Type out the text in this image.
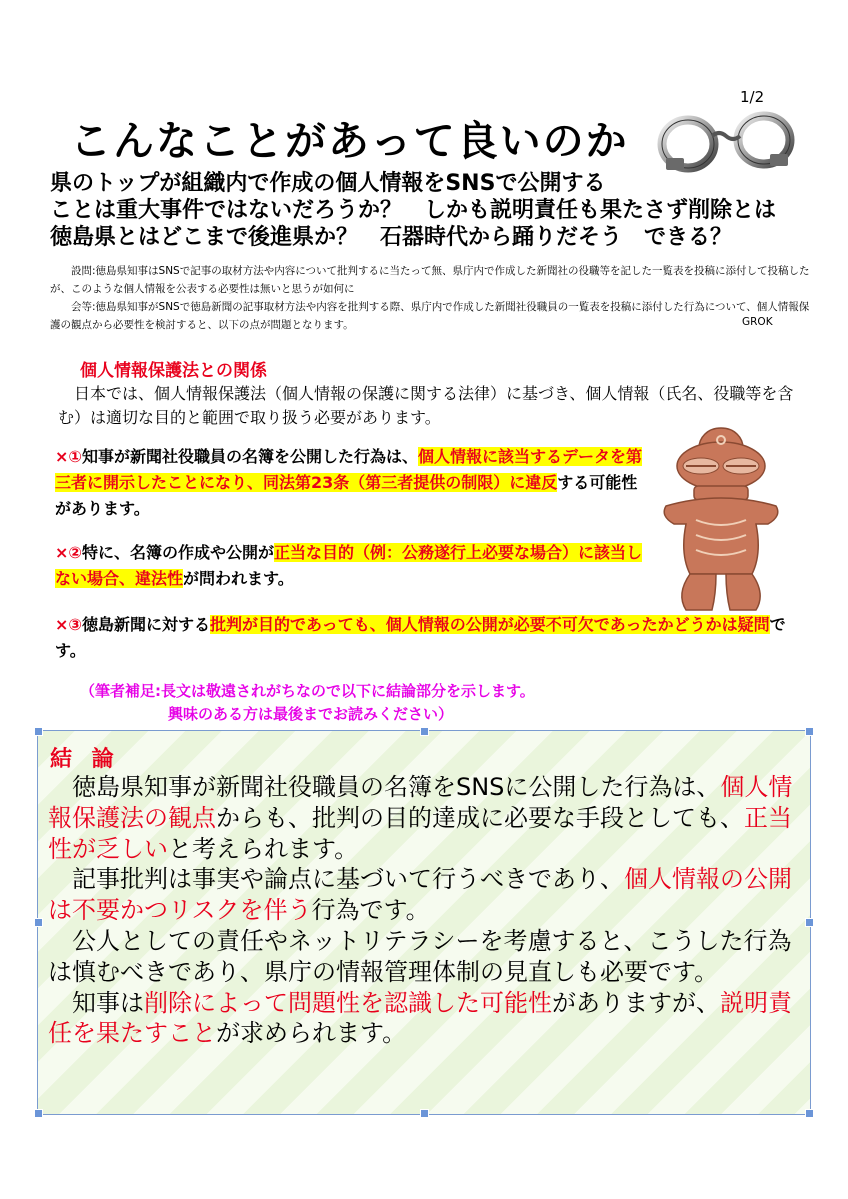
1/2
こんなことがあって良いのか
県のトップが組織内で作成の個人情報をSNSで公開する
ことは重大事件ではないだろうか？　しかも説明責任も果たさず削除とは
徳島県とはどこまで後進県か？　石器時代から踊りだそう　できる？
　　設問:徳島県知事はSNSで記事の取材方法や内容について批判するに当たって無、県庁内で作成した新聞社の役職等を記した一覧表を投稿に添付して投稿したが、このような個人情報を公表する必要性は無いと思うが如何に
　　会等:徳島県知事がSNSで徳島新聞の記事取材方法や内容を批判する際、県庁内で作成した新聞社役職員の一覧表を投稿に添付した行為について、個人情報保護の観点から必要性を検討すると、以下の点が問題となります。	GROK
個人情報保護法との関係
　日本では、個人情報保護法（個人情報の保護に関する法律）に基づき、個人情報（氏名、役職等を含む）は適切な目的と範囲で取り扱う必要があります。
×①知事が新聞社役職員の名簿を公開した行為は、個人情報に該当するデータを第三者に開示したことになり、同法第23条（第三者提供の制限）に違反する可能性があります。
×②特に、名簿の作成や公開が正当な目的（例：公務遂行上必要な場合）に該当しない場合、違法性が問われます。
×③徳島新聞に対する批判が目的であっても、個人情報の公開が必要不可欠であったかどうかは疑問です。
（筆者補足:長文は敬遠されがちなので以下に結論部分を示します。
興味のある方は最後までお読みください）
結 論
　徳島県知事が新聞社役職員の名簿をSNSに公開した行為は、個人情報保護法の観点からも、批判の目的達成に必要な手段としても、正当性が乏しいと考えられます。
　記事批判は事実や論点に基づいて行うべきであり、個人情報の公開は不要かつリスクを伴う行為です。
　公人としての責任やネットリテラシーを考慮すると、こうした行為は慎むべきであり、県庁の情報管理体制の見直しも必要です。
　知事は削除によって問題性を認識した可能性がありますが、説明責任を果たすことが求められます。
